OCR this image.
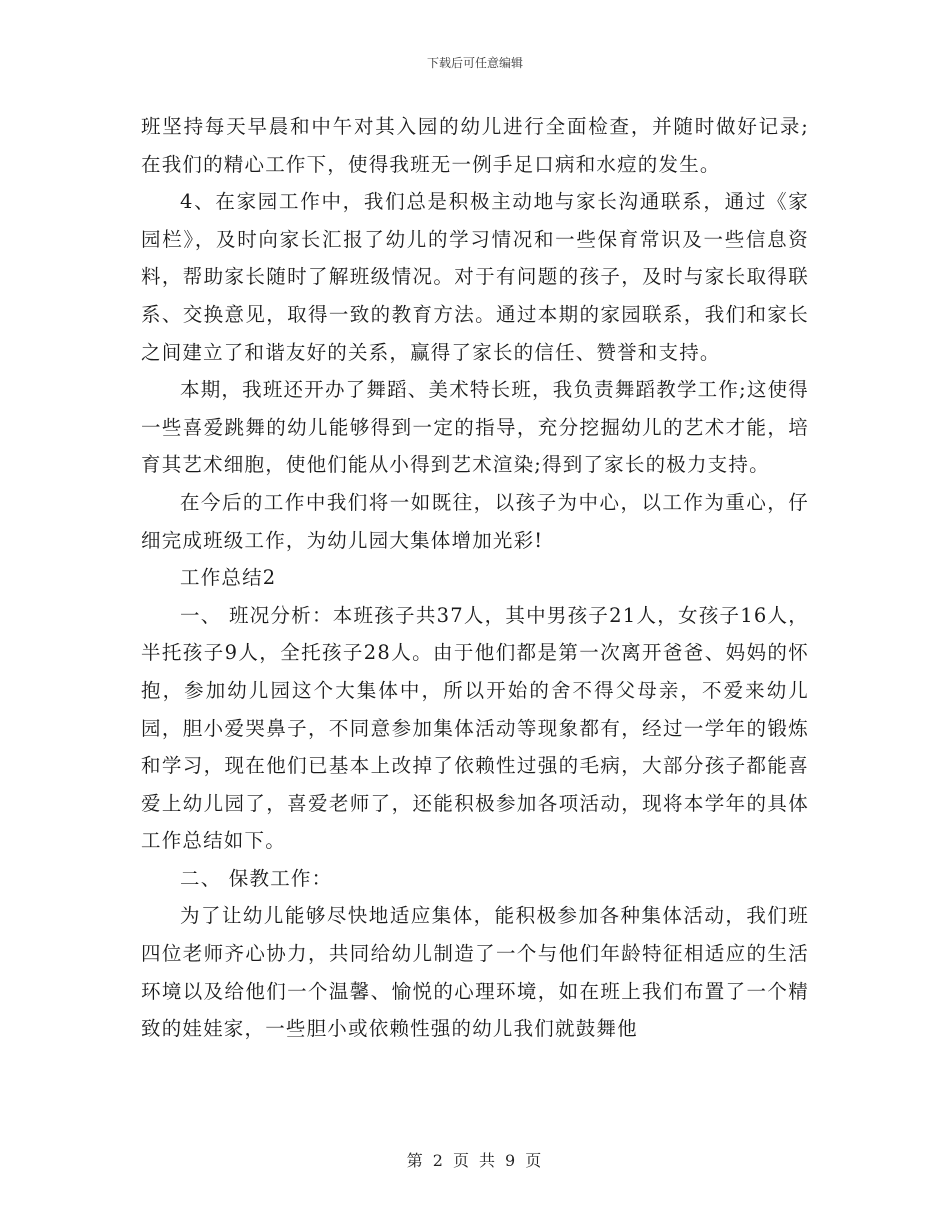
下载后可任意编辑

班坚持每天早晨和中午对其入园的幼儿进行全面检查，并随时做好记录;在我们的精心工作下，使得我班无一例手足口病和水痘的发生。

4、在家园工作中，我们总是积极主动地与家长沟通联系，通过《家园栏》，及时向家长汇报了幼儿的学习情况和一些保育常识及一些信息资料，帮助家长随时了解班级情况。对于有问题的孩子，及时与家长取得联系、交换意见，取得一致的教育方法。通过本期的家园联系，我们和家长之间建立了和谐友好的关系，赢得了家长的信任、赞誉和支持。

本期，我班还开办了舞蹈、美术特长班，我负责舞蹈教学工作;这使得一些喜爱跳舞的幼儿能够得到一定的指导，充分挖掘幼儿的艺术才能，培育其艺术细胞，使他们能从小得到艺术渲染;得到了家长的极力支持。

在今后的工作中我们将一如既往，以孩子为中心，以工作为重心，仔细完成班级工作，为幼儿园大集体增加光彩!

工作总结2

一、 班况分析：本班孩子共37人，其中男孩子21人，女孩子16人，半托孩子9人，全托孩子28人。由于他们都是第一次离开爸爸、妈妈的怀抱，参加幼儿园这个大集体中，所以开始的舍不得父母亲，不爱来幼儿园，胆小爱哭鼻子，不同意参加集体活动等现象都有，经过一学年的锻炼和学习，现在他们已基本上改掉了依赖性过强的毛病，大部分孩子都能喜爱上幼儿园了，喜爱老师了，还能积极参加各项活动，现将本学年的具体工作总结如下。

二、 保教工作：

为了让幼儿能够尽快地适应集体，能积极参加各种集体活动，我们班四位老师齐心协力，共同给幼儿制造了一个与他们年龄特征相适应的生活环境以及给他们一个温馨、愉悦的心理环境，如在班上我们布置了一个精致的娃娃家，一些胆小或依赖性强的幼儿我们就鼓舞他

第 2 页 共 9 页
